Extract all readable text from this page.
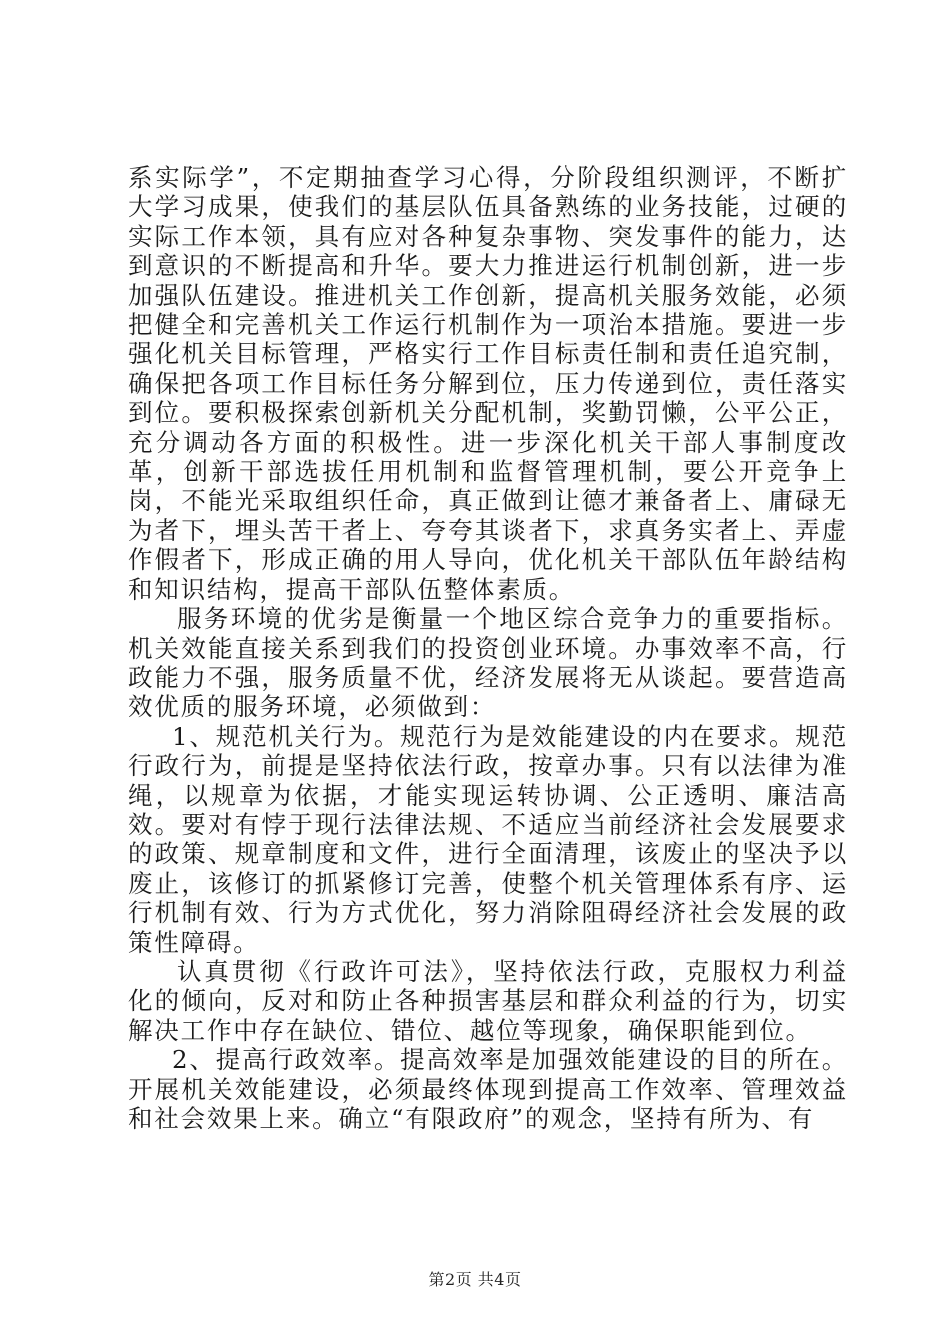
系实际学”，不定期抽查学习心得，分阶段组织测评，不断扩大学习成果，使我们的基层队伍具备熟练的业务技能，过硬的实际工作本领，具有应对各种复杂事物、突发事件的能力，达到意识的不断提高和升华。要大力推进运行机制创新，进一步加强队伍建设。推进机关工作创新，提高机关服务效能，必须把健全和完善机关工作运行机制作为一项治本措施。要进一步强化机关目标管理，严格实行工作目标责任制和责任追究制，确保把各项工作目标任务分解到位，压力传递到位，责任落实到位。要积极探索创新机关分配机制，奖勤罚懒，公平公正，充分调动各方面的积极性。进一步深化机关干部人事制度改革，创新干部选拔任用机制和监督管理机制，要公开竞争上岗，不能光采取组织任命，真正做到让德才兼备者上、庸碌无为者下，埋头苦干者上、夸夸其谈者下，求真务实者上、弄虚作假者下，形成正确的用人导向，优化机关干部队伍年龄结构和知识结构，提高干部队伍整体素质。

服务环境的优劣是衡量一个地区综合竞争力的重要指标。机关效能直接关系到我们的投资创业环境。办事效率不高，行政能力不强，服务质量不优，经济发展将无从谈起。要营造高效优质的服务环境，必须做到：

1、规范机关行为。规范行为是效能建设的内在要求。规范行政行为，前提是坚持依法行政，按章办事。只有以法律为准绳，以规章为依据，才能实现运转协调、公正透明、廉洁高效。要对有悖于现行法律法规、不适应当前经济社会发展要求的政策、规章制度和文件，进行全面清理，该废止的坚决予以废止，该修订的抓紧修订完善，使整个机关管理体系有序、运行机制有效、行为方式优化，努力消除阻碍经济社会发展的政策性障碍。

认真贯彻《行政许可法》，坚持依法行政，克服权力利益化的倾向，反对和防止各种损害基层和群众利益的行为，切实解决工作中存在缺位、错位、越位等现象，确保职能到位。

2、提高行政效率。提高效率是加强效能建设的目的所在。开展机关效能建设，必须最终体现到提高工作效率、管理效益和社会效果上来。确立“有限政府”的观念，坚持有所为、有

第2页 共4页
